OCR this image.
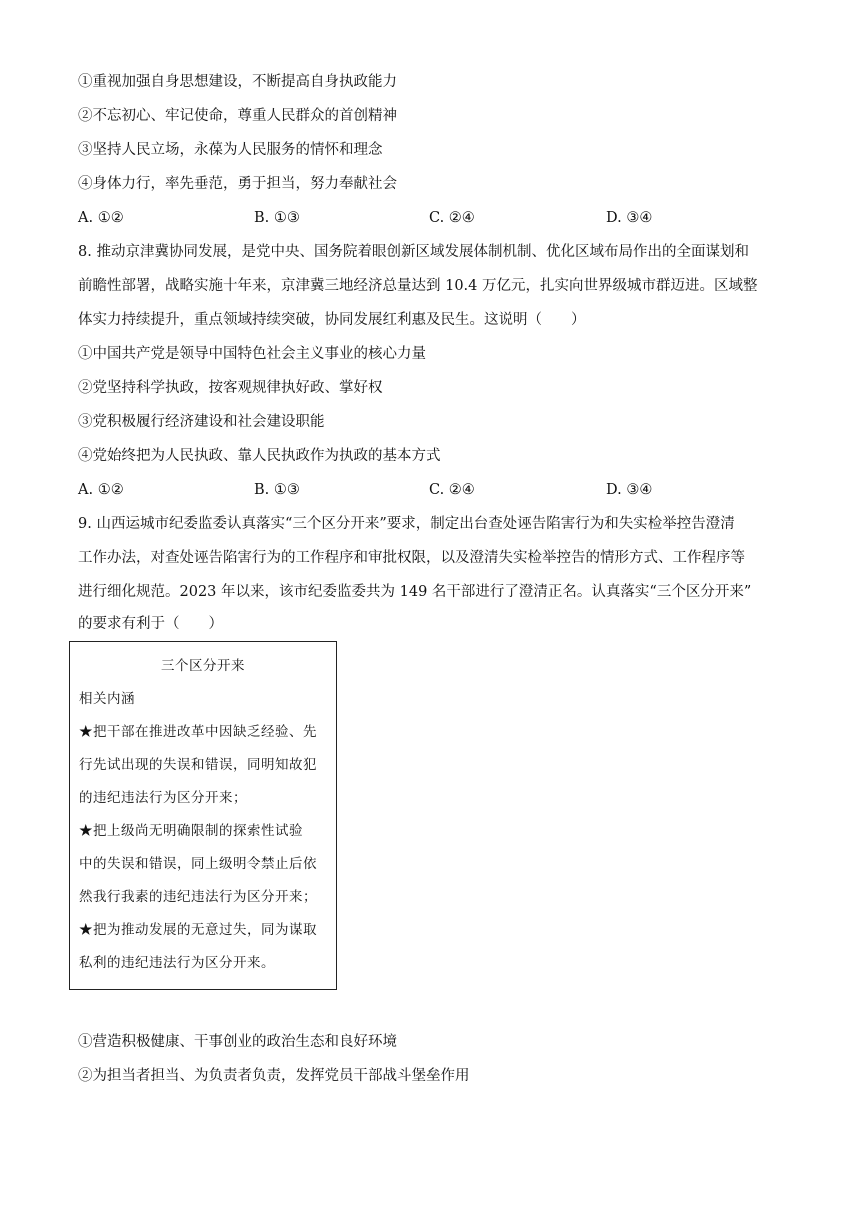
①重视加强自身思想建设，不断提高自身执政能力
②不忘初心、牢记使命，尊重人民群众的首创精神
③坚持人民立场，永葆为人民服务的情怀和理念
④身体力行，率先垂范，勇于担当，努力奉献社会
A. ①②	B. ①③	C. ②④	D. ③④
8. 推动京津冀协同发展，是党中央、国务院着眼创新区域发展体制机制、优化区域布局作出的全面谋划和
前瞻性部署，战略实施十年来，京津冀三地经济总量达到 10.4 万亿元，扎实向世界级城市群迈进。区域整
体实力持续提升，重点领域持续突破，协同发展红利惠及民生。这说明（　　）
①中国共产党是领导中国特色社会主义事业的核心力量
②党坚持科学执政，按客观规律执好政、掌好权
③党积极履行经济建设和社会建设职能
④党始终把为人民执政、靠人民执政作为执政的基本方式
A. ①②	B. ①③	C. ②④	D. ③④
9. 山西运城市纪委监委认真落实“三个区分开来”要求，制定出台查处诬告陷害行为和失实检举控告澄清
工作办法，对查处诬告陷害行为的工作程序和审批权限，以及澄清失实检举控告的情形方式、工作程序等
进行细化规范。2023 年以来，该市纪委监委共为 149 名干部进行了澄清正名。认真落实“三个区分开来”
的要求有利于（　　）
三个区分开来
相关内涵
★把干部在推进改革中因缺乏经验、先
行先试出现的失误和错误，同明知故犯
的违纪违法行为区分开来；
★把上级尚无明确限制的探索性试验
中的失误和错误，同上级明令禁止后依
然我行我素的违纪违法行为区分开来；
★把为推动发展的无意过失，同为谋取
私利的违纪违法行为区分开来。
①营造积极健康、干事创业的政治生态和良好环境
②为担当者担当、为负责者负责，发挥党员干部战斗堡垒作用
